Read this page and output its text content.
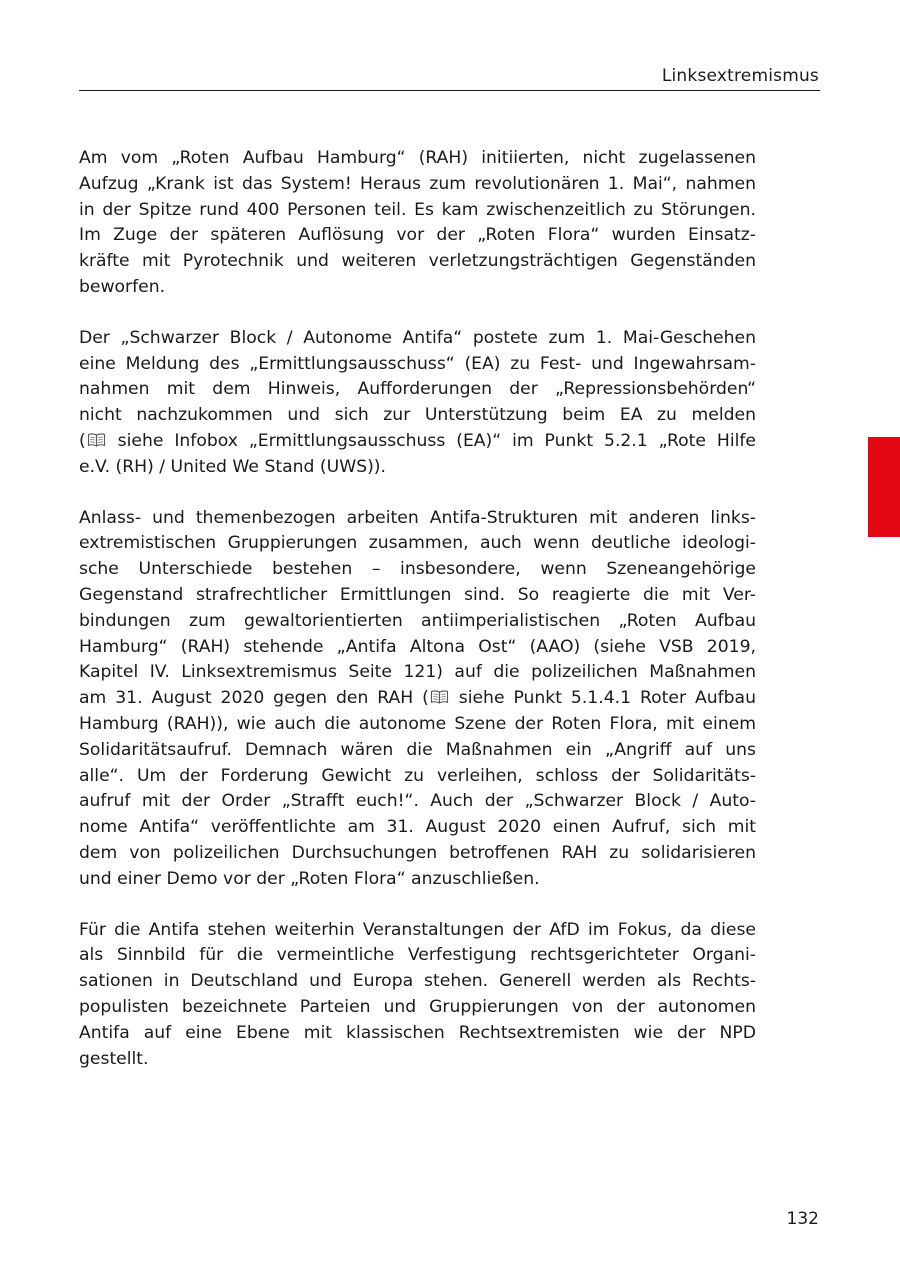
Linksextremismus

Am vom „Roten Aufbau Hamburg“ (RAH) initiierten, nicht zugelassenen
Aufzug „Krank ist das System! Heraus zum revolutionären 1. Mai“, nahmen
in der Spitze rund 400 Personen teil. Es kam zwischenzeitlich zu Störungen.
Im Zuge der späteren Auflösung vor der „Roten Flora“ wurden Einsatz-
kräfte mit Pyrotechnik und weiteren verletzungsträchtigen Gegenständen
beworfen.

Der „Schwarzer Block / Autonome Antifa“ postete zum 1. Mai-Geschehen
eine Meldung des „Ermittlungsausschuss“ (EA) zu Fest- und Ingewahrsam-
nahmen mit dem Hinweis, Aufforderungen der „Repressionsbehörden“
nicht nachzukommen und sich zur Unterstützung beim EA zu melden
( siehe Infobox „Ermittlungsausschuss (EA)“ im Punkt 5.2.1 „Rote Hilfe
e.V. (RH) / United We Stand (UWS)).

Anlass- und themenbezogen arbeiten Antifa-Strukturen mit anderen links-
extremistischen Gruppierungen zusammen, auch wenn deutliche ideologi-
sche Unterschiede bestehen – insbesondere, wenn Szeneangehörige
Gegenstand strafrechtlicher Ermittlungen sind. So reagierte die mit Ver-
bindungen zum gewaltorientierten antiimperialistischen „Roten Aufbau
Hamburg“ (RAH) stehende „Antifa Altona Ost“ (AAO) (siehe VSB 2019,
Kapitel IV. Linksextremismus Seite 121) auf die polizeilichen Maßnahmen
am 31. August 2020 gegen den RAH ( siehe Punkt 5.1.4.1 Roter Aufbau
Hamburg (RAH)), wie auch die autonome Szene der Roten Flora, mit einem
Solidaritätsaufruf. Demnach wären die Maßnahmen ein „Angriff auf uns
alle“. Um der Forderung Gewicht zu verleihen, schloss der Solidaritäts-
aufruf mit der Order „Strafft euch!“. Auch der „Schwarzer Block / Auto-
nome Antifa“ veröffentlichte am 31. August 2020 einen Aufruf, sich mit
dem von polizeilichen Durchsuchungen betroffenen RAH zu solidarisieren
und einer Demo vor der „Roten Flora“ anzuschließen.

Für die Antifa stehen weiterhin Veranstaltungen der AfD im Fokus, da diese
als Sinnbild für die vermeintliche Verfestigung rechtsgerichteter Organi-
sationen in Deutschland und Europa stehen. Generell werden als Rechts-
populisten bezeichnete Parteien und Gruppierungen von der autonomen
Antifa auf eine Ebene mit klassischen Rechtsextremisten wie der NPD
gestellt.

132
